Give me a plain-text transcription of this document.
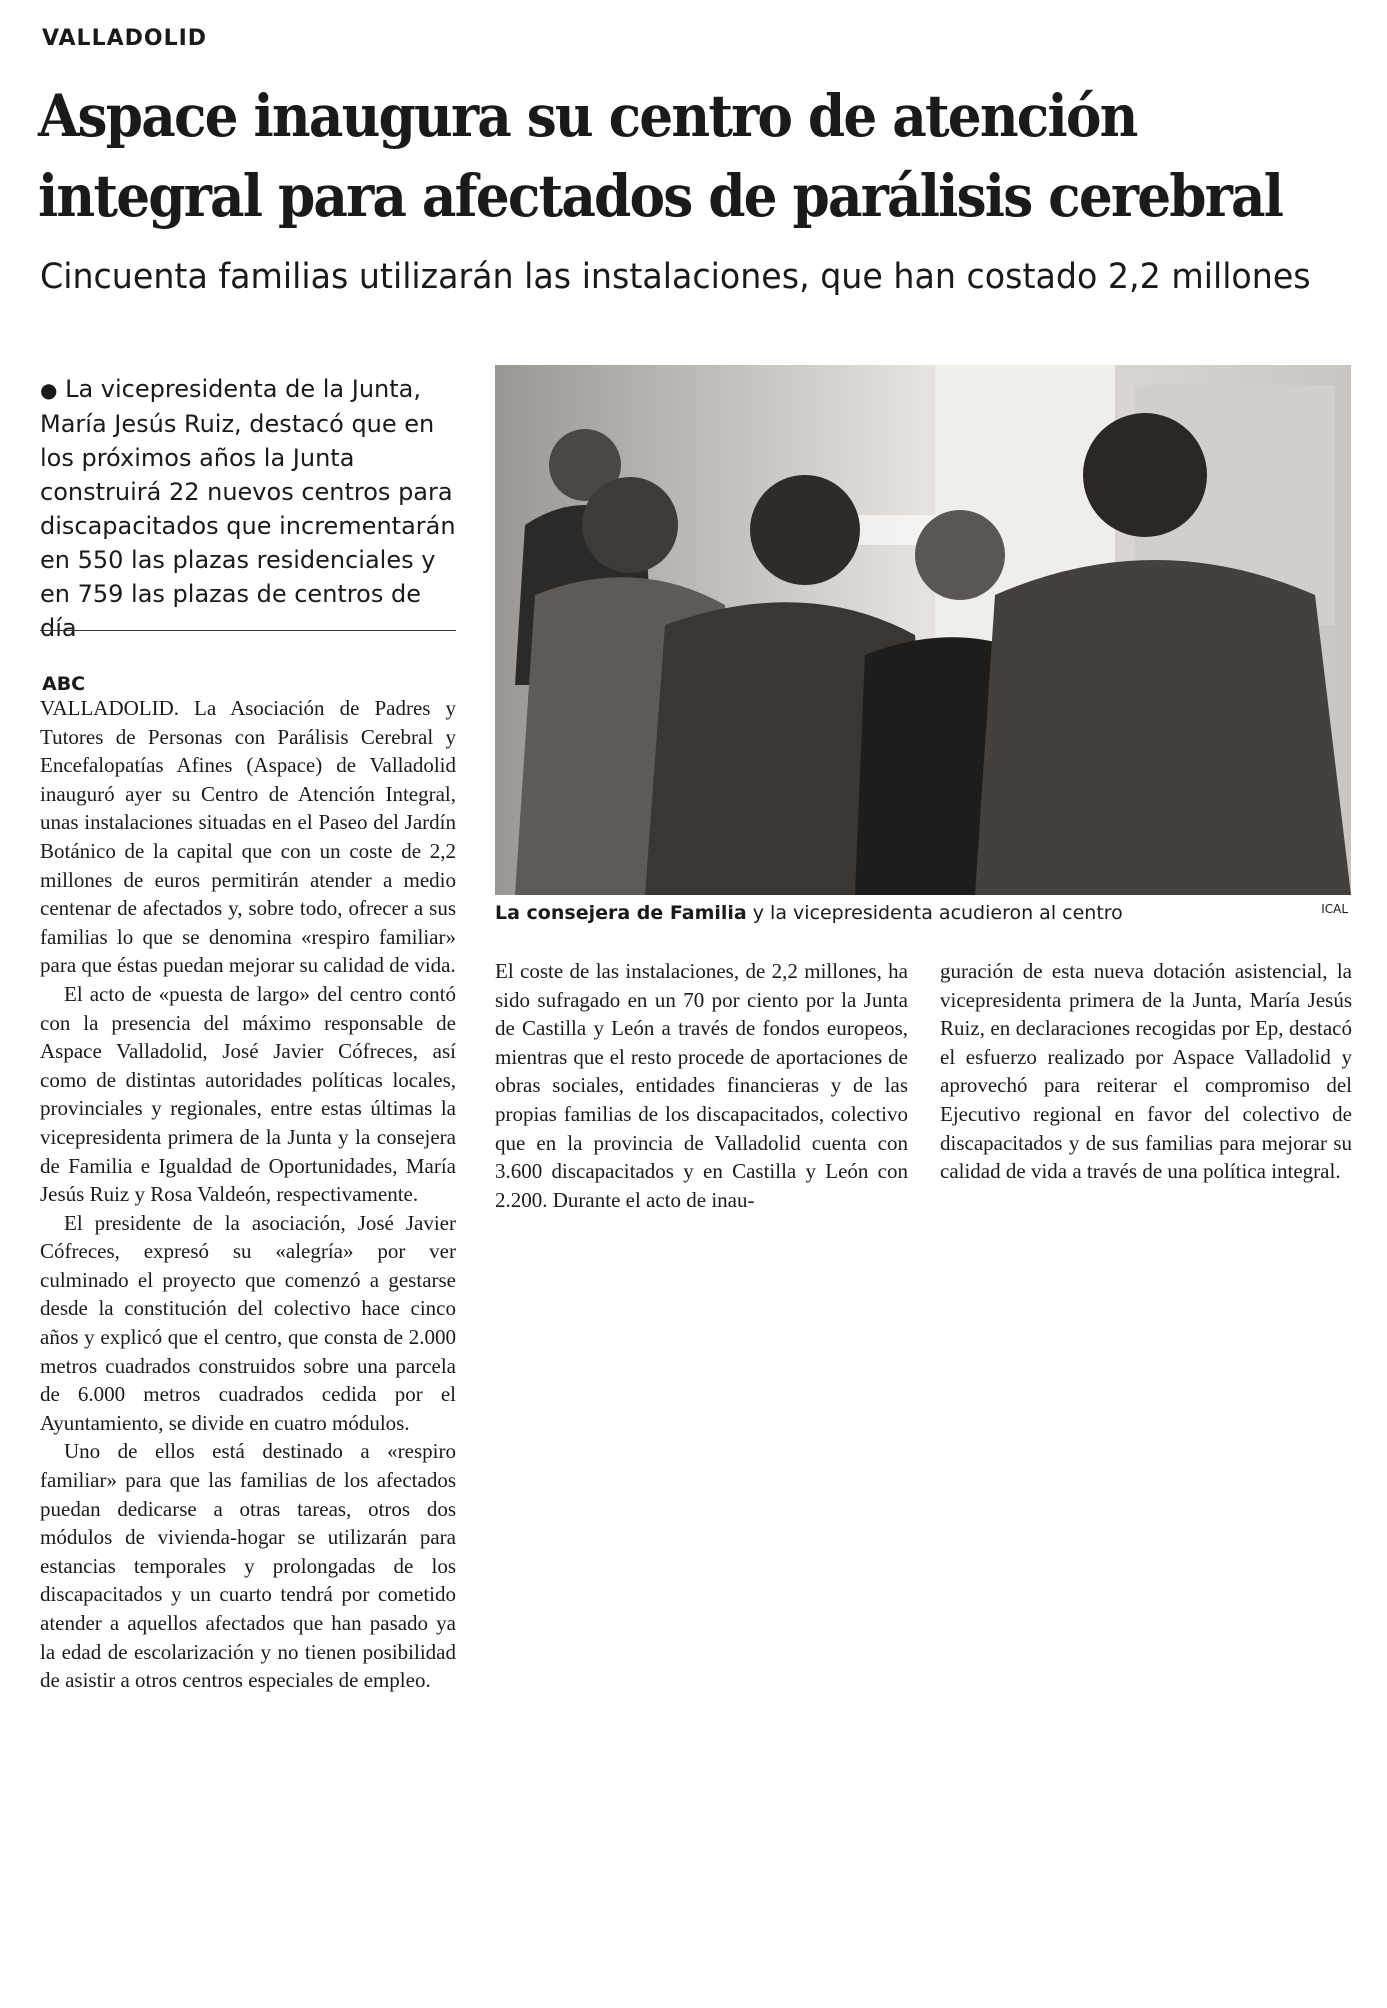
VALLADOLID
Aspace inaugura su centro de atención
integral para afectados de parálisis cerebral
Cincuenta familias utilizarán las instalaciones, que han costado 2,2 millones
● La vicepresidenta de la Junta, María Jesús Ruiz, destacó que en los próximos años la Junta construirá 22 nuevos centros para discapacitados que incrementarán en 550 las plazas residenciales y en 759 las plazas de centros de día
ABC

VALLADOLID. La Asociación de Padres y Tutores de Personas con Parálisis Cerebral y Encefalopatías Afines (Aspace) de Valladolid inauguró ayer su Centro de Atención Integral, unas instalaciones situadas en el Paseo del Jardín Botánico de la capital que con un coste de 2,2 millones de euros permitirán atender a medio centenar de afectados y, sobre todo, ofrecer a sus familias lo que se denomina «respiro familiar» para que éstas puedan mejorar su calidad de vida.

El acto de «puesta de largo» del centro contó con la presencia del máximo responsable de Aspace Valladolid, José Javier Cófreces, así como de distintas autoridades políticas locales, provinciales y regionales, entre estas últimas la vicepresidenta primera de la Junta y la consejera de Familia e Igualdad de Oportunidades, María Jesús Ruiz y Rosa Valdeón, respectivamente.

El presidente de la asociación, José Javier Cófreces, expresó su «alegría» por ver culminado el proyecto que comenzó a gestarse desde la constitución del colectivo hace cinco años y explicó que el centro, que consta de 2.000 metros cuadrados construidos sobre una parcela de 6.000 metros cuadrados cedida por el Ayuntamiento, se divide en cuatro módulos.

Uno de ellos está destinado a «respiro familiar» para que las familias de los afectados puedan dedicarse a otras tareas, otros dos módulos de vivienda-hogar se utilizarán para estancias temporales y prolongadas de los discapacitados y un cuarto tendrá por cometido atender a aquellos afectados que han pasado ya la edad de escolarización y no tienen posibilidad de asistir a otros centros especiales de empleo.

La consejera de Familia y la vicepresidenta acudieron al centro	ICAL

El coste de las instalaciones, de 2,2 millones, ha sido sufragado en un 70 por ciento por la Junta de Castilla y León a través de fondos europeos, mientras que el resto procede de aportaciones de obras sociales, entidades financieras y de las propias familias de los discapacitados, colectivo que en la provincia de Valladolid cuenta con 3.600 discapacitados y en Castilla y León con 2.200. Durante el acto de inau-

guración de esta nueva dotación asistencial, la vicepresidenta primera de la Junta, María Jesús Ruiz, en declaraciones recogidas por Ep, destacó el esfuerzo realizado por Aspace Valladolid y aprovechó para reiterar el compromiso del Ejecutivo regional en favor del colectivo de discapacitados y de sus familias para mejorar su calidad de vida a través de una política integral.
